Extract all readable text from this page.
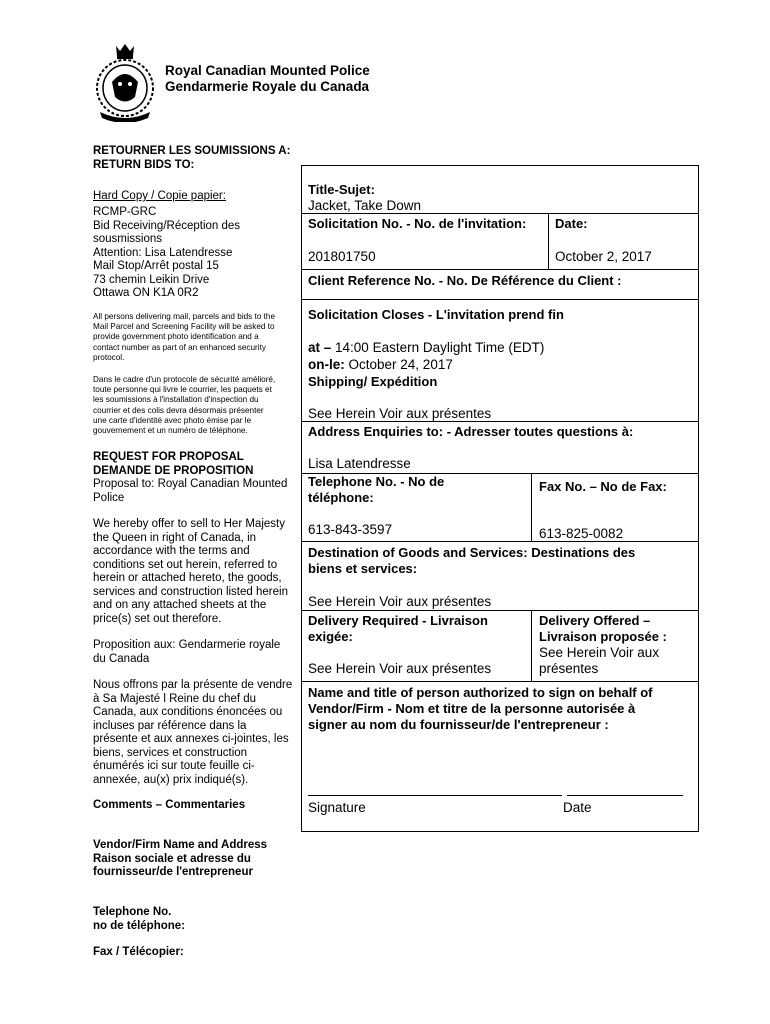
Royal Canadian Mounted Police
Gendarmerie Royale du Canada
RETOURNER LES SOUMISSIONS A:
RETURN BIDS TO:
Hard Copy / Copie papier:
RCMP-GRC
Bid Receiving/Réception des
sousmissions
Attention: Lisa Latendresse
Mail Stop/Arrêt postal 15
73 chemin Leikin Drive
Ottawa ON K1A 0R2
All persons delivering mail, parcels and bids to the
Mail Parcel and Screening Facility will be asked to
provide government photo identification and a
contact number as part of an enhanced security
protocol.
Dans le cadre d'un protocole de sécurité amélioré,
toute personne qui livre le courrier, les paquets et
les soumissions à l'installation d'inspection du
courrier et des colis devra désormais présenter
une carte d'identité avec photo émise par le
gouvernement et un numéro de téléphone.
REQUEST FOR PROPOSAL
DEMANDE DE PROPOSITION
Proposal to: Royal Canadian Mounted
Police
We hereby offer to sell to Her Majesty
the Queen in right of Canada, in
accordance with the terms and
conditions set out herein, referred to
herein or attached hereto, the goods,
services and construction listed herein
and on any attached sheets at the
price(s) set out therefore.
Proposition aux: Gendarmerie royale
du Canada
Nous offrons par la présente de vendre
à Sa Majesté l Reine du chef du
Canada, aux conditions énoncées ou
incluses par référence dans la
présente et aux annexes ci-jointes, les
biens, services et construction
énumérés ici sur toute feuille ci-
annexée, au(x) prix indiqué(s).
Comments – Commentaries
Vendor/Firm Name and Address
Raison sociale et adresse du
fournisseur/de l'entrepreneur
Telephone No.
no de téléphone:
Fax / Télécopier:
Title-Sujet:
Jacket, Take Down
Solicitation No. - No. de l'invitation:
201801750
Date:
October 2, 2017
Client Reference No. - No. De Référence du Client :
Solicitation Closes - L'invitation prend fin
at – 14:00 Eastern Daylight Time (EDT)
on-le: October 24, 2017
Shipping/ Expédition
See Herein Voir aux présentes
Address Enquiries to: - Adresser toutes questions à:
Lisa Latendresse
Telephone No. - No de
téléphone:
613-843-3597
Fax No. – No de Fax:
613-825-0082
Destination of Goods and Services: Destinations des
biens et services:
See Herein Voir aux présentes
Delivery Required - Livraison
exigée:
See Herein Voir aux présentes
Delivery Offered –
Livraison proposée :
See Herein Voir aux
présentes
Name and title of person authorized to sign on behalf of
Vendor/Firm - Nom et titre de la personne autorisée à
signer au nom du fournisseur/de l'entrepreneur :
Signature	Date
